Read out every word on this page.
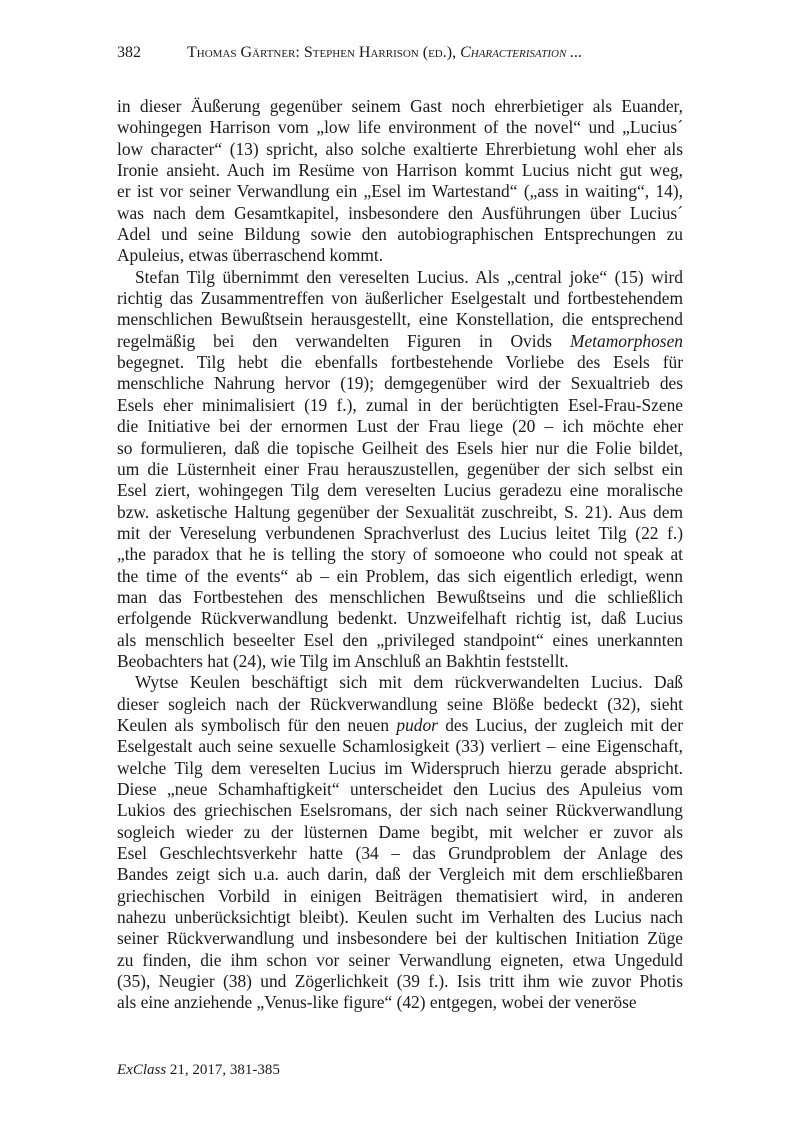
382	Thomas Gärtner: Stephen Harrison (ed.), Characterisation ...
in dieser Äußerung gegenüber seinem Gast noch ehrerbietiger als Euander,
wohingegen Harrison vom „low life environment of the novel“ und „Lucius´
low character“ (13) spricht, also solche exaltierte Ehrerbietung wohl eher als
Ironie ansieht. Auch im Resüme von Harrison kommt Lucius nicht gut weg,
er ist vor seiner Verwandlung ein „Esel im Wartestand“ („ass in waiting“, 14),
was nach dem Gesamtkapitel, insbesondere den Ausführungen über Lucius´
Adel und seine Bildung sowie den autobiographischen Entsprechungen zu
Apuleius, etwas überraschend kommt.
Stefan Tilg übernimmt den vereselten Lucius. Als „central joke“ (15) wird
richtig das Zusammentreffen von äußerlicher Eselgestalt und fortbestehendem
menschlichen Bewußtsein herausgestellt, eine Konstellation, die entsprechend
regelmäßig bei den verwandelten Figuren in Ovids Metamorphosen
begegnet. Tilg hebt die ebenfalls fortbestehende Vorliebe des Esels für
menschliche Nahrung hervor (19); demgegenüber wird der Sexualtrieb des
Esels eher minimalisiert (19 f.), zumal in der berüchtigten Esel-Frau-Szene
die Initiative bei der ernormen Lust der Frau liege (20 – ich möchte eher
so formulieren, daß die topische Geilheit des Esels hier nur die Folie bildet,
um die Lüsternheit einer Frau herauszustellen, gegenüber der sich selbst ein
Esel ziert, wohingegen Tilg dem vereselten Lucius geradezu eine moralische
bzw. asketische Haltung gegenüber der Sexualität zuschreibt, S. 21). Aus dem
mit der Vereselung verbundenen Sprachverlust des Lucius leitet Tilg (22 f.)
„the paradox that he is telling the story of somoeone who could not speak at
the time of the events“ ab – ein Problem, das sich eigentlich erledigt, wenn
man das Fortbestehen des menschlichen Bewußtseins und die schließlich
erfolgende Rückverwandlung bedenkt. Unzweifelhaft richtig ist, daß Lucius
als menschlich beseelter Esel den „privileged standpoint“ eines unerkannten
Beobachters hat (24), wie Tilg im Anschluß an Bakhtin feststellt.
Wytse Keulen beschäftigt sich mit dem rückverwandelten Lucius. Daß
dieser sogleich nach der Rückverwandlung seine Blöße bedeckt (32), sieht
Keulen als symbolisch für den neuen pudor des Lucius, der zugleich mit der
Eselgestalt auch seine sexuelle Schamlosigkeit (33) verliert – eine Eigenschaft,
welche Tilg dem vereselten Lucius im Widerspruch hierzu gerade abspricht.
Diese „neue Schamhaftigkeit“ unterscheidet den Lucius des Apuleius vom
Lukios des griechischen Eselsromans, der sich nach seiner Rückverwandlung
sogleich wieder zu der lüsternen Dame begibt, mit welcher er zuvor als
Esel Geschlechtsverkehr hatte (34 – das Grundproblem der Anlage des
Bandes zeigt sich u.a. auch darin, daß der Vergleich mit dem erschließbaren
griechischen Vorbild in einigen Beiträgen thematisiert wird, in anderen
nahezu unberücksichtigt bleibt). Keulen sucht im Verhalten des Lucius nach
seiner Rückverwandlung und insbesondere bei der kultischen Initiation Züge
zu finden, die ihm schon vor seiner Verwandlung eigneten, etwa Ungeduld
(35), Neugier (38) und Zögerlichkeit (39 f.). Isis tritt ihm wie zuvor Photis
als eine anziehende „Venus-like figure“ (42) entgegen, wobei der veneröse
ExClass 21, 2017, 381-385
